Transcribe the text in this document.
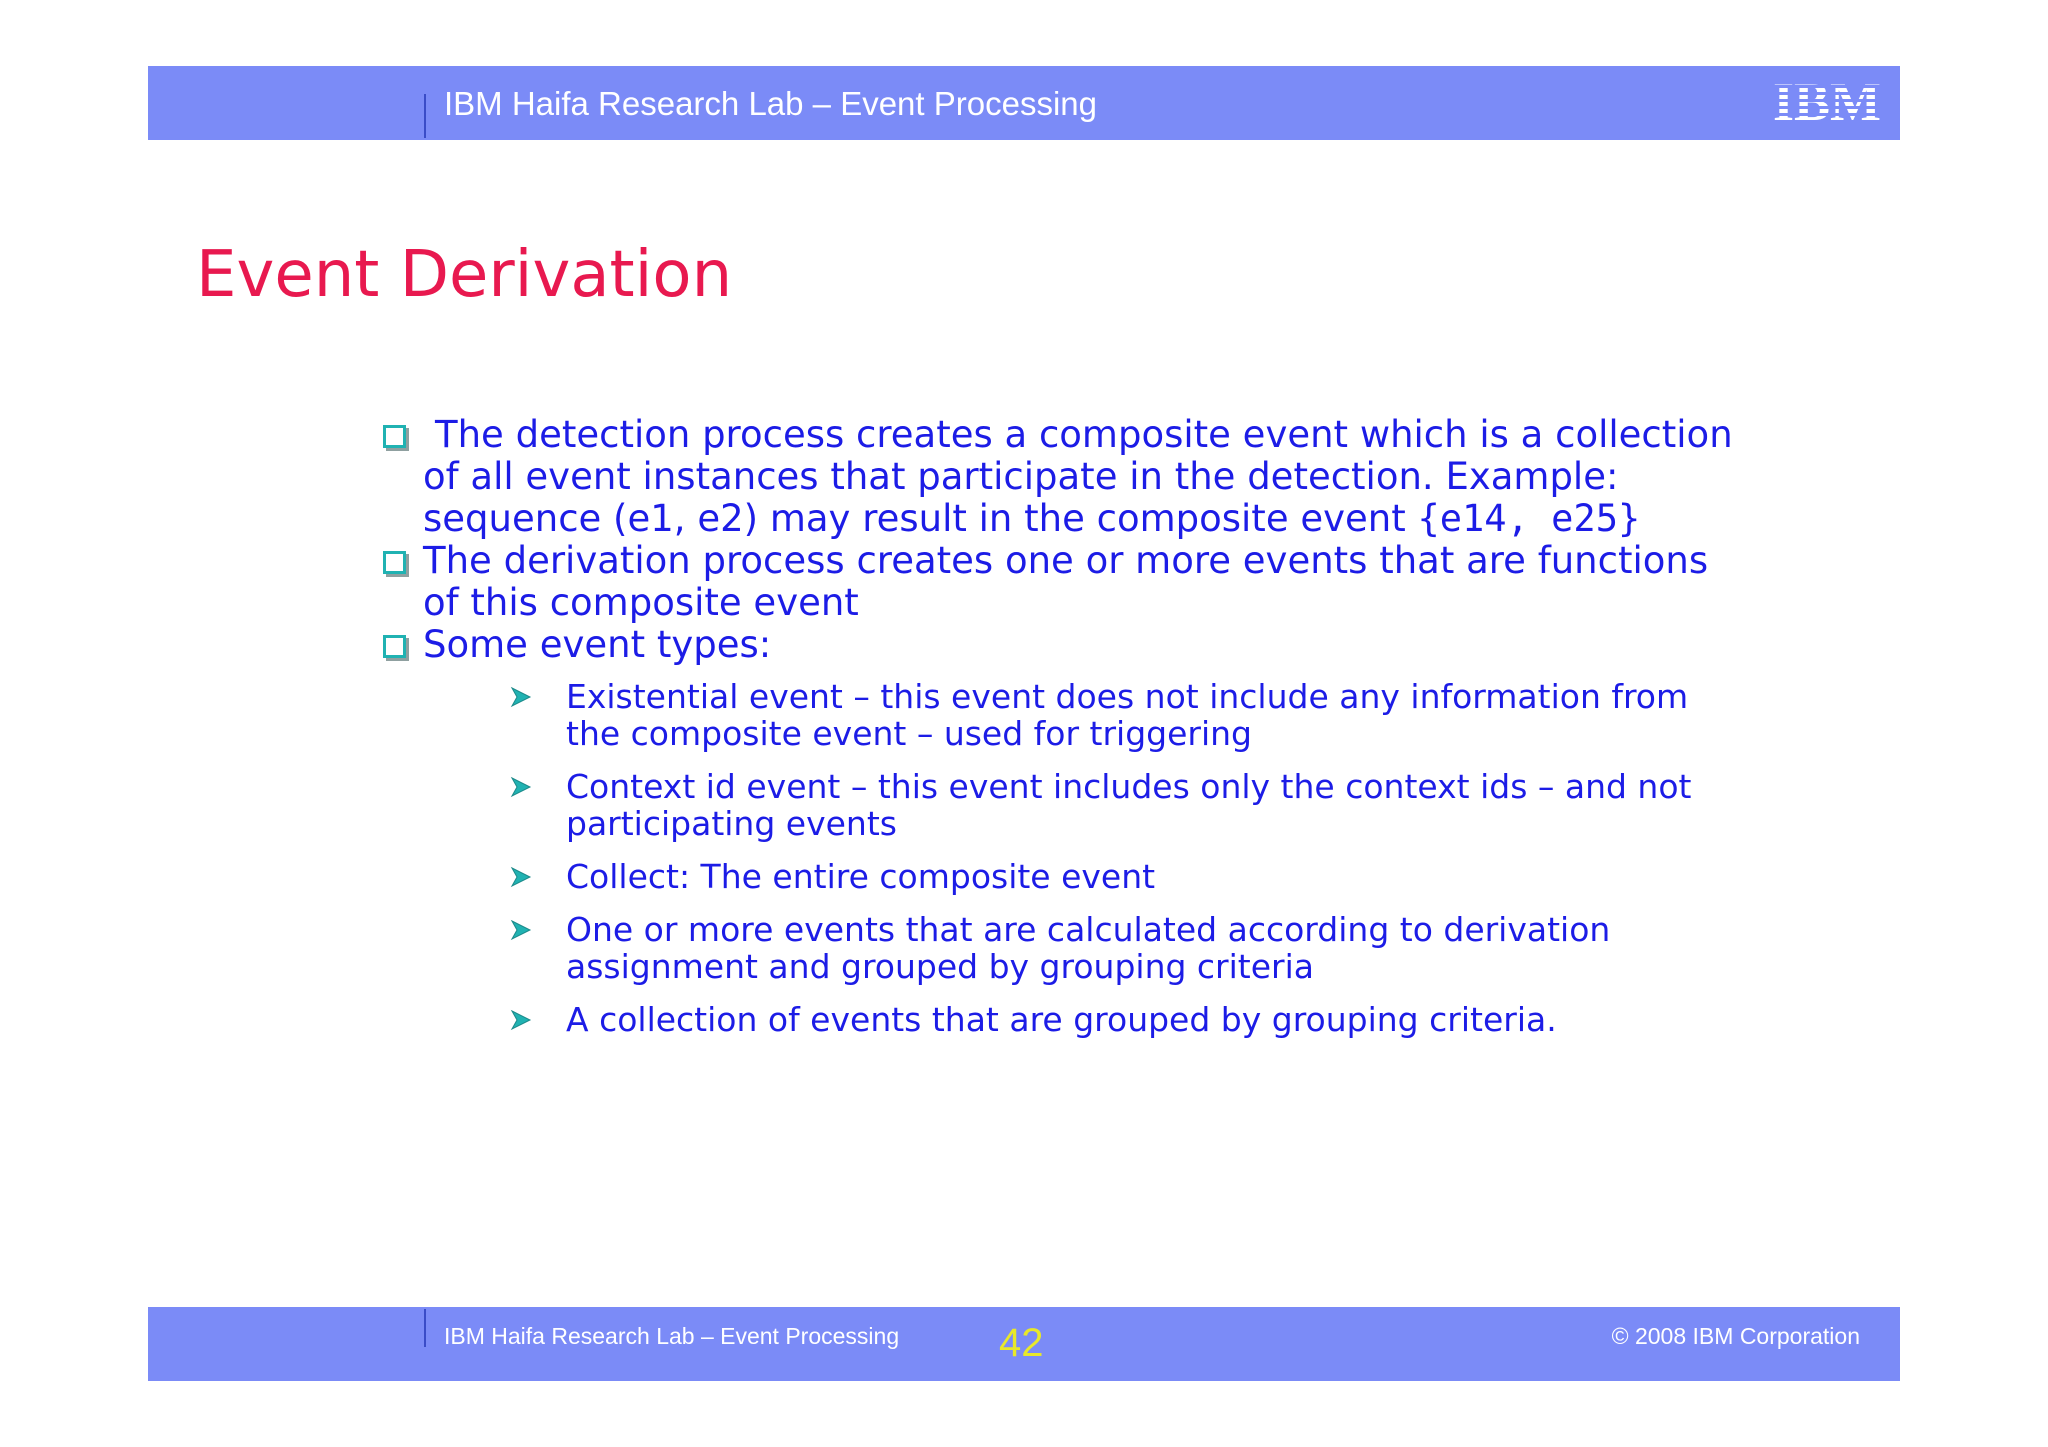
IBM Haifa Research Lab – Event Processing
Event Derivation
The detection process creates a composite event which is a collection of all event instances that participate in the detection. Example: sequence (e1, e2) may result in the composite event {e14, e25}
The derivation process creates one or more events that are functions of this composite event
Some event types:
Existential event – this event does not include any information from the composite event – used for triggering
Context id event – this event includes only the context ids – and not participating events
Collect: The entire composite event
One or more events that are calculated according to derivation assignment and grouped by grouping criteria
A collection of events that are grouped by grouping criteria.
IBM Haifa Research Lab – Event Processing 42	© 2008 IBM Corporation
